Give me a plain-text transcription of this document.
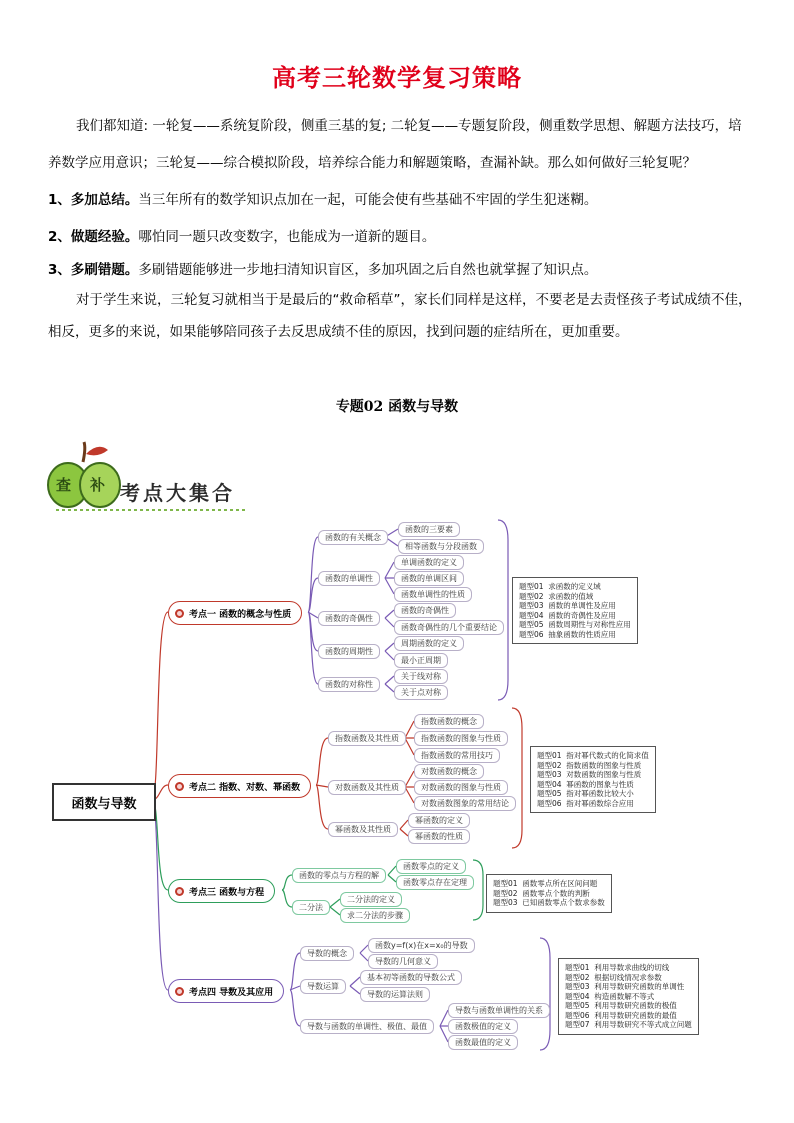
高考三轮数学复习策略

我们都知道: 一轮复——系统复阶段，侧重三基的复; 二轮复——专题复阶段，侧重数学思想、解题方法技巧，培养数学应用意识；三轮复——综合模拟阶段，培养综合能力和解题策略，查漏补缺。那么如何做好三轮复呢？

1、多加总结。当三年所有的数学知识点加在一起，可能会使有些基础不牢固的学生犯迷糊。

2、做题经验。哪怕同一题只改变数字，也能成为一道新的题目。

3、多刷错题。多刷错题能够进一步地扫清知识盲区，多加巩固之后自然也就掌握了知识点。

对于学生来说，三轮复习就相当于是最后的“救命稻草”，家长们同样是这样，不要老是去责怪孩子考试成绩不佳，相反，更多的来说，如果能够陪同孩子去反思成绩不佳的原因，找到问题的症结所在，更加重要。

专题02 函数与导数
查 补 考点大集合
函数与导数
考点一 函数的概念与性质
函数的有关概念
函数的三要素
相等函数与分段函数
函数的单调性
单调函数的定义
函数的单调区间
函数单调性的性质
函数的奇偶性
函数的奇偶性
函数奇偶性的几个重要结论
函数的周期性
周期函数的定义
最小正周期
函数的对称性
关于线对称
关于点对称
题型01  求函数的定义域
题型02  求函数的值域
题型03  函数的单调性及应用
题型04  函数的奇偶性及应用
题型05  函数周期性与对称性应用
题型06  抽象函数的性质应用
考点二 指数、对数、幂函数
指数函数及其性质
指数函数的概念
指数函数的图象与性质
指数函数的常用技巧
对数函数及其性质
对数函数的概念
对数函数的图象与性质
对数函数图象的常用结论
幂函数及其性质
幂函数的定义
幂函数的性质
题型01  指对幂代数式的化简求值
题型02  指数函数的图象与性质
题型03  对数函数的图象与性质
题型04  幂函数的图象与性质
题型05  指对幂函数比较大小
题型06  指对幂函数综合应用
考点三 函数与方程
函数的零点与方程的解
函数零点的定义
函数零点存在定理
二分法
二分法的定义
求二分法的步骤
题型01  函数零点所在区间问题
题型02  函数零点个数的判断
题型03  已知函数零点个数求参数
考点四 导数及其应用
导数的概念
函数y=f(x)在x=x₀的导数
导数的几何意义
导数运算
基本初等函数的导数公式
导数的运算法则
导数与函数的单调性、极值、最值
导数与函数单调性的关系
函数极值的定义
函数最值的定义
题型01  利用导数求曲线的切线
题型02  根据切线情况求参数
题型03  利用导数研究函数的单调性
题型04  构造函数解不等式
题型05  利用导数研究函数的极值
题型06  利用导数研究函数的最值
题型07  利用导数研究不等式成立问题
